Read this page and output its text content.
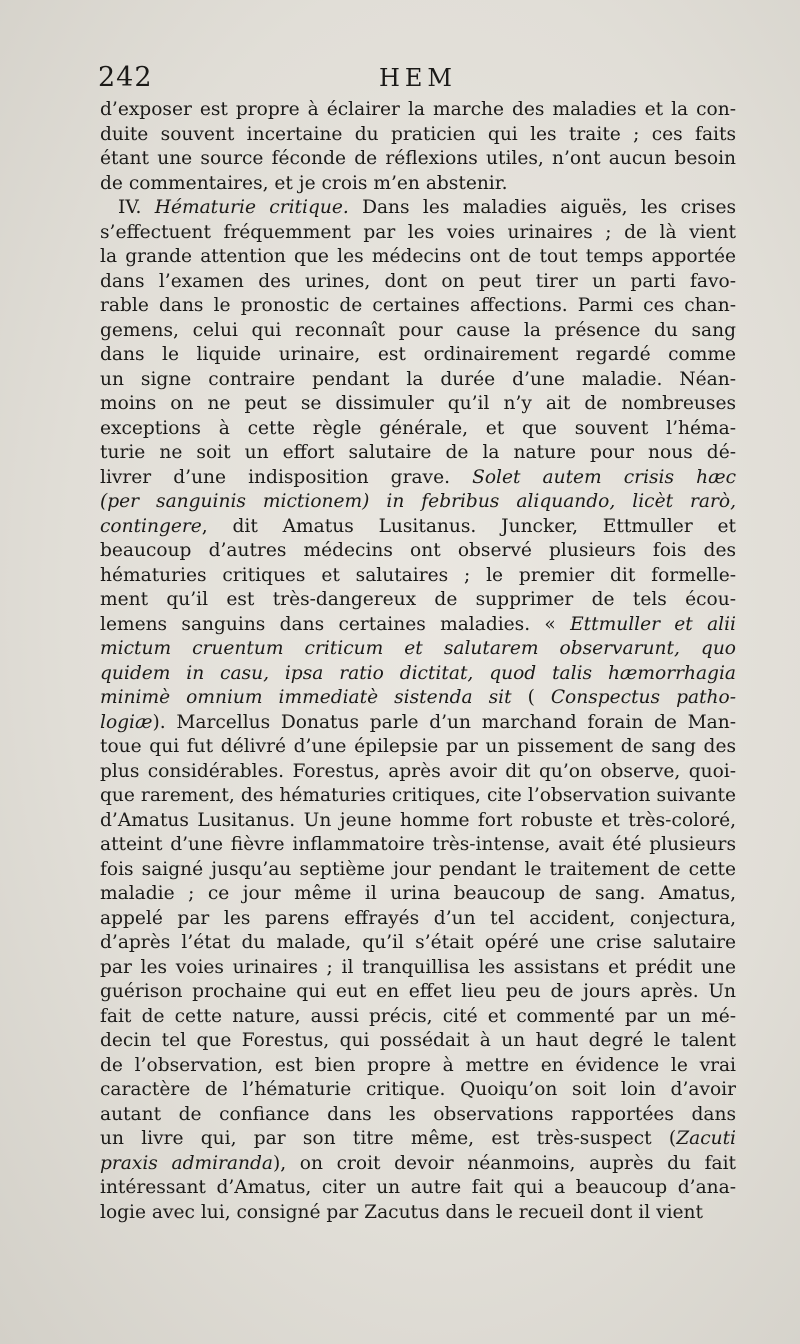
242	HEM
d’exposer est propre à éclairer la marche des maladies et la con-
duite souvent incertaine du praticien qui les traite ; ces faits
étant une source féconde de réflexions utiles, n’ont aucun besoin
de commentaires, et je crois m’en abstenir.
IV. Hématurie critique. Dans les maladies aiguës, les crises
s’effectuent fréquemment par les voies urinaires ; de là vient
la grande attention que les médecins ont de tout temps apportée
dans l’examen des urines, dont on peut tirer un parti favo-
rable dans le pronostic de certaines affections. Parmi ces chan-
gemens, celui qui reconnaît pour cause la présence du sang
dans le liquide urinaire, est ordinairement regardé comme
un signe contraire pendant la durée d’une maladie. Néan-
moins on ne peut se dissimuler qu’il n’y ait de nombreuses
exceptions à cette règle générale, et que souvent l’héma-
turie ne soit un effort salutaire de la nature pour nous dé-
livrer d’une indisposition grave. Solet autem crisis hæc
(per sanguinis mictionem) in febribus aliquando, licèt rarò,
contingere, dit Amatus Lusitanus. Juncker, Ettmuller et
beaucoup d’autres médecins ont observé plusieurs fois des
hématuries critiques et salutaires ; le premier dit formelle-
ment qu’il est très-dangereux de supprimer de tels écou-
lemens sanguins dans certaines maladies. « Ettmuller et alii
mictum cruentum criticum et salutarem observarunt, quo
quidem in casu, ipsa ratio dictitat, quod talis hæmorrhagia
minimè omnium immediatè sistenda sit ( Conspectus patho-
logiæ). Marcellus Donatus parle d’un marchand forain de Man-
toue qui fut délivré d’une épilepsie par un pissement de sang des
plus considérables. Forestus, après avoir dit qu’on observe, quoi-
que rarement, des hématuries critiques, cite l’observation suivante
d’Amatus Lusitanus. Un jeune homme fort robuste et très-coloré,
atteint d’une fièvre inflammatoire très-intense, avait été plusieurs
fois saigné jusqu’au septième jour pendant le traitement de cette
maladie ; ce jour même il urina beaucoup de sang. Amatus,
appelé par les parens effrayés d’un tel accident, conjectura,
d’après l’état du malade, qu’il s’était opéré une crise salutaire
par les voies urinaires ; il tranquillisa les assistans et prédit une
guérison prochaine qui eut en effet lieu peu de jours après. Un
fait de cette nature, aussi précis, cité et commenté par un mé-
decin tel que Forestus, qui possédait à un haut degré le talent
de l’observation, est bien propre à mettre en évidence le vrai
caractère de l’hématurie critique. Quoiqu’on soit loin d’avoir
autant de confiance dans les observations rapportées dans
un livre qui, par son titre même, est très-suspect (Zacuti
praxis admiranda), on croit devoir néanmoins, auprès du fait
intéressant d’Amatus, citer un autre fait qui a beaucoup d’ana-
logie avec lui, consigné par Zacutus dans le recueil dont il vient
